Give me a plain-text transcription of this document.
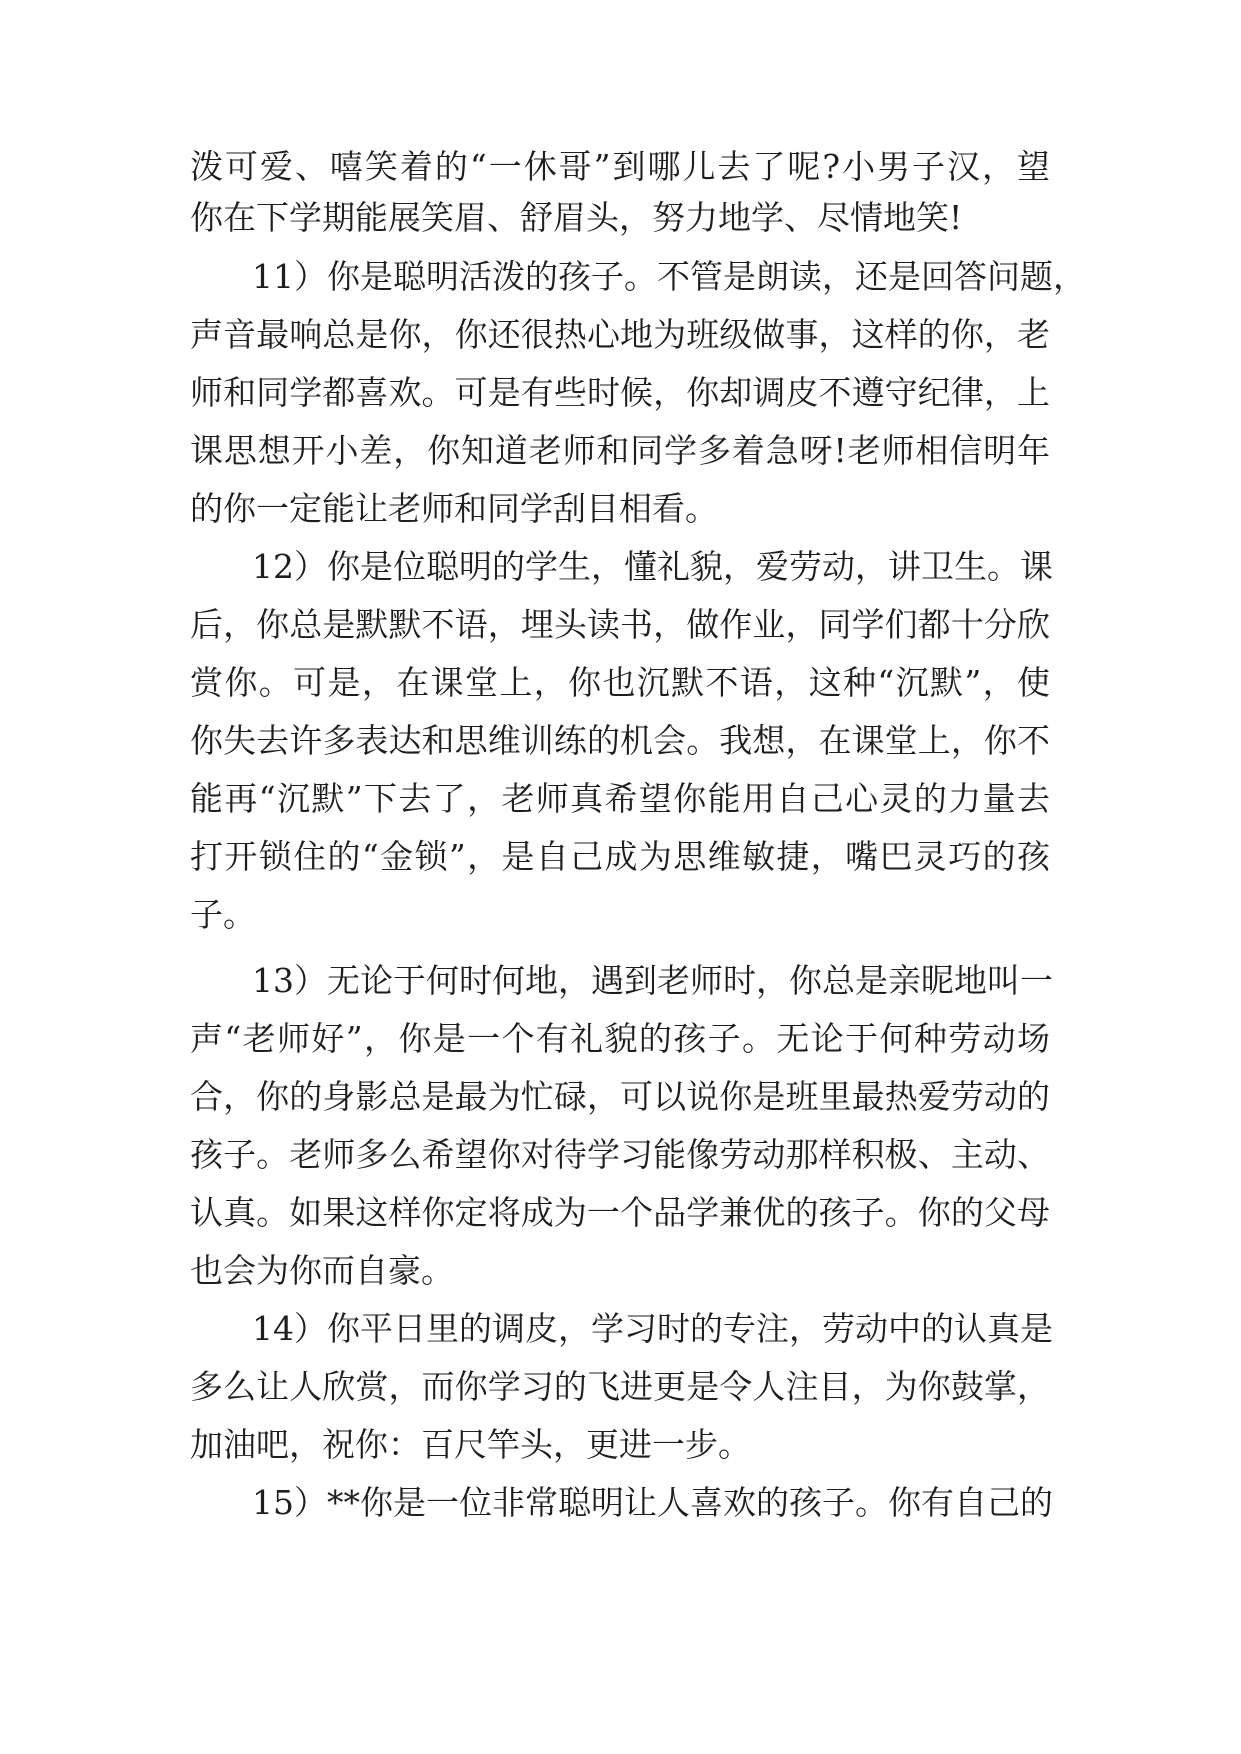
泼可爱、嘻笑着的“一休哥”到哪儿去了呢?小男子汉，望
你在下学期能展笑眉、舒眉头，努力地学、尽情地笑!
11）你是聪明活泼的孩子。不管是朗读，还是回答问题，
声音最响总是你，你还很热心地为班级做事，这样的你，老
师和同学都喜欢。可是有些时候，你却调皮不遵守纪律，上
课思想开小差，你知道老师和同学多着急呀!老师相信明年
的你一定能让老师和同学刮目相看。
12）你是位聪明的学生，懂礼貌，爱劳动，讲卫生。课
后，你总是默默不语，埋头读书，做作业，同学们都十分欣
赏你。可是，在课堂上，你也沉默不语，这种“沉默”，使
你失去许多表达和思维训练的机会。我想，在课堂上，你不
能再“沉默”下去了，老师真希望你能用自己心灵的力量去
打开锁住的“金锁”，是自己成为思维敏捷，嘴巴灵巧的孩
子。
13）无论于何时何地，遇到老师时，你总是亲昵地叫一
声“老师好”，你是一个有礼貌的孩子。无论于何种劳动场
合，你的身影总是最为忙碌，可以说你是班里最热爱劳动的
孩子。老师多么希望你对待学习能像劳动那样积极、主动、
认真。如果这样你定将成为一个品学兼优的孩子。你的父母
也会为你而自豪。
14）你平日里的调皮，学习时的专注，劳动中的认真是
多么让人欣赏，而你学习的飞进更是令人注目，为你鼓掌，
加油吧，祝你：百尺竿头，更进一步。
15）**你是一位非常聪明让人喜欢的孩子。你有自己的
